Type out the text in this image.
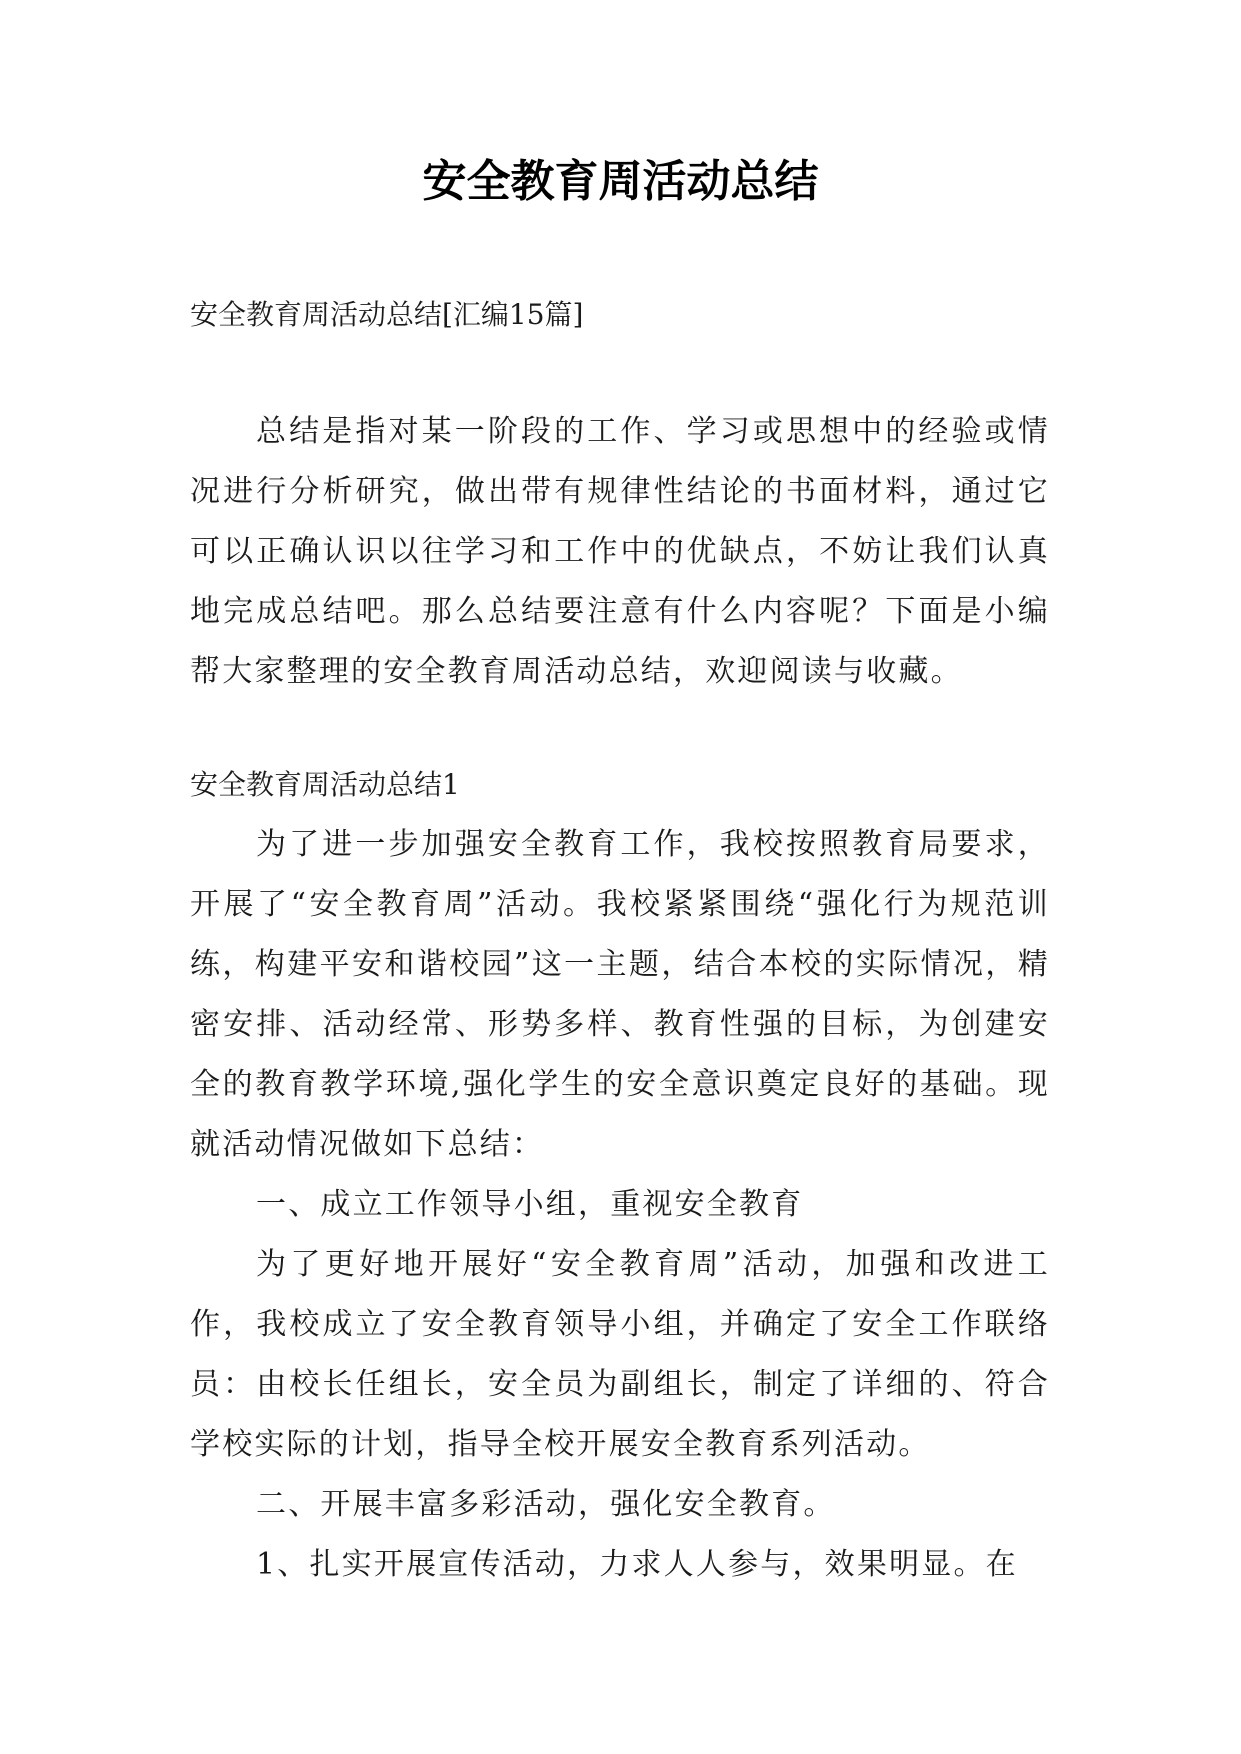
安全教育周活动总结
安全教育周活动总结[汇编15篇]

总结是指对某一阶段的工作、学习或思想中的经验或情况进行分析研究，做出带有规律性结论的书面材料，通过它可以正确认识以往学习和工作中的优缺点，不妨让我们认真地完成总结吧。那么总结要注意有什么内容呢？下面是小编帮大家整理的安全教育周活动总结，欢迎阅读与收藏。

安全教育周活动总结1

为了进一步加强安全教育工作，我校按照教育局要求，开展了“安全教育周”活动。我校紧紧围绕“强化行为规范训练，构建平安和谐校园”这一主题，结合本校的实际情况，精密安排、活动经常、形势多样、教育性强的目标，为创建安全的教育教学环境,强化学生的安全意识奠定良好的基础。现就活动情况做如下总结：

一、成立工作领导小组，重视安全教育

为了更好地开展好“安全教育周”活动，加强和改进工作，我校成立了安全教育领导小组，并确定了安全工作联络员：由校长任组长，安全员为副组长，制定了详细的、符合学校实际的计划，指导全校开展安全教育系列活动。

二、开展丰富多彩活动，强化安全教育。

1、扎实开展宣传活动，力求人人参与，效果明显。在
